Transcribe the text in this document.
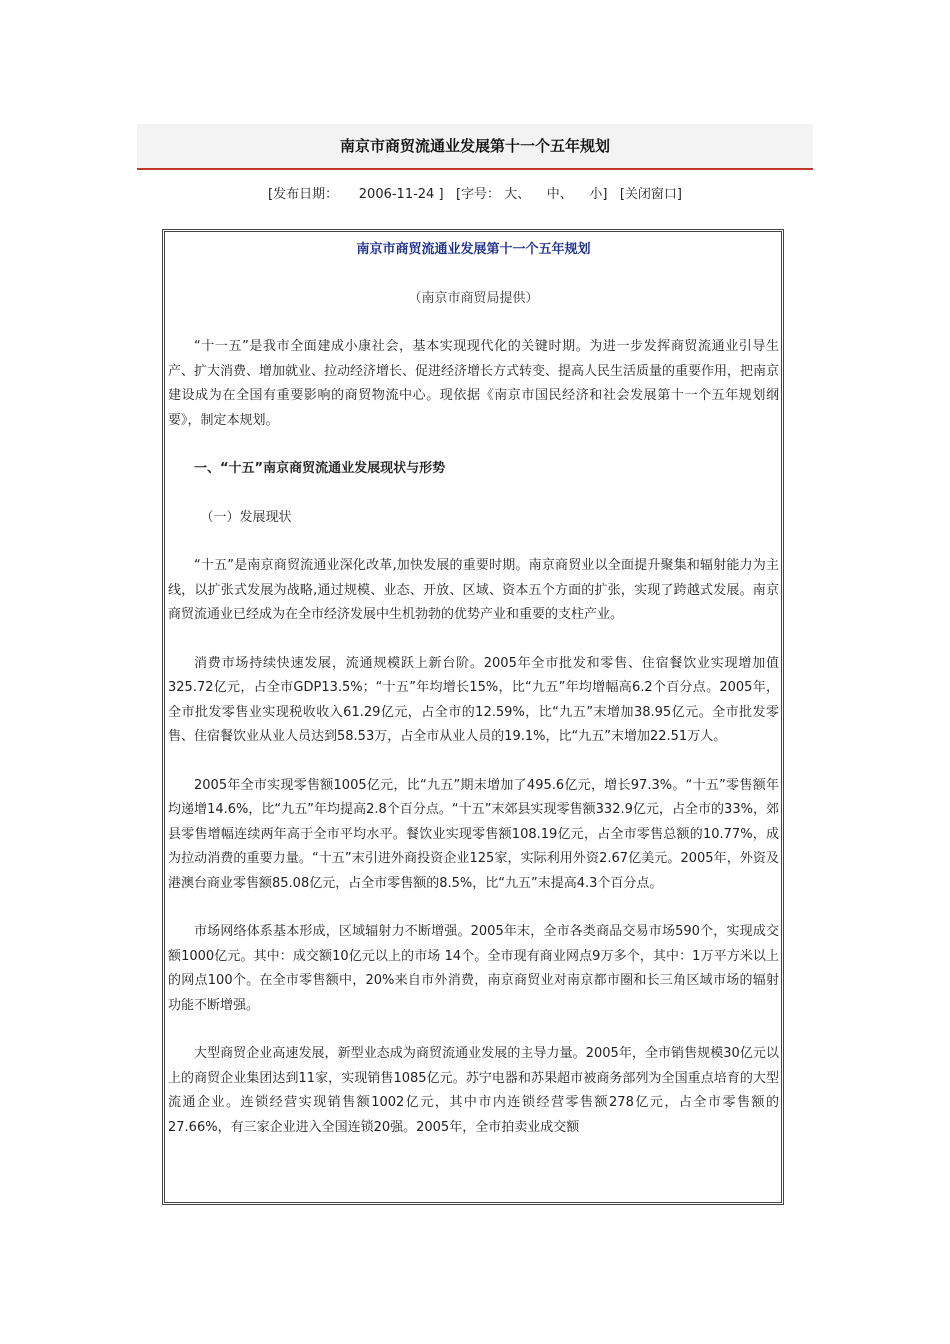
南京市商贸流通业发展第十一个五年规划
[发布日期： 2006-11-24 ] [字号： 大、 中、 小] [关闭窗口]
南京市商贸流通业发展第十一个五年规划
（南京市商贸局提供）

“十一五”是我市全面建成小康社会，基本实现现代化的关键时期。为进一步发挥商贸流通业引导生产、扩大消费、增加就业、拉动经济增长、促进经济增长方式转变、提高人民生活质量的重要作用，把南京建设成为在全国有重要影响的商贸物流中心。现依据《南京市国民经济和社会发展第十一个五年规划纲要》，制定本规划。

一、“十五”南京商贸流通业发展现状与形势

（一）发展现状

“十五”是南京商贸流通业深化改革,加快发展的重要时期。南京商贸业以全面提升聚集和辐射能力为主线，以扩张式发展为战略,通过规模、业态、开放、区域、资本五个方面的扩张，实现了跨越式发展。南京商贸流通业已经成为在全市经济发展中生机勃勃的优势产业和重要的支柱产业。

消费市场持续快速发展，流通规模跃上新台阶。2005年全市批发和零售、住宿餐饮业实现增加值325.72亿元，占全市GDP13.5%；“十五”年均增长15%，比“九五”年均增幅高6.2个百分点。2005年，全市批发零售业实现税收收入61.29亿元，占全市的12.59%，比“九五”末增加38.95亿元。全市批发零售、住宿餐饮业从业人员达到58.53万，占全市从业人员的19.1%，比“九五”末增加22.51万人。

2005年全市实现零售额1005亿元，比“九五”期末增加了495.6亿元，增长97.3%。“十五”零售额年均递增14.6%，比“九五”年均提高2.8个百分点。“十五”末郊县实现零售额332.9亿元，占全市的33%，郊县零售增幅连续两年高于全市平均水平。餐饮业实现零售额108.19亿元，占全市零售总额的10.77%，成为拉动消费的重要力量。“十五”末引进外商投资企业125家，实际利用外资2.67亿美元。2005年，外资及港澳台商业零售额85.08亿元，占全市零售额的8.5%，比“九五”末提高4.3个百分点。

市场网络体系基本形成，区域辐射力不断增强。2005年末，全市各类商品交易市场590个，实现成交额1000亿元。其中：成交额10亿元以上的市场 14个。全市现有商业网点9万多个，其中：1万平方米以上的网点100个。在全市零售额中，20%来自市外消费，南京商贸业对南京都市圈和长三角区域市场的辐射功能不断增强。

大型商贸企业高速发展，新型业态成为商贸流通业发展的主导力量。2005年，全市销售规模30亿元以上的商贸企业集团达到11家，实现销售1085亿元。苏宁电器和苏果超市被商务部列为全国重点培育的大型流通企业。连锁经营实现销售额1002亿元，其中市内连锁经营零售额278亿元，占全市零售额的27.66%，有三家企业进入全国连锁20强。2005年，全市拍卖业成交额
